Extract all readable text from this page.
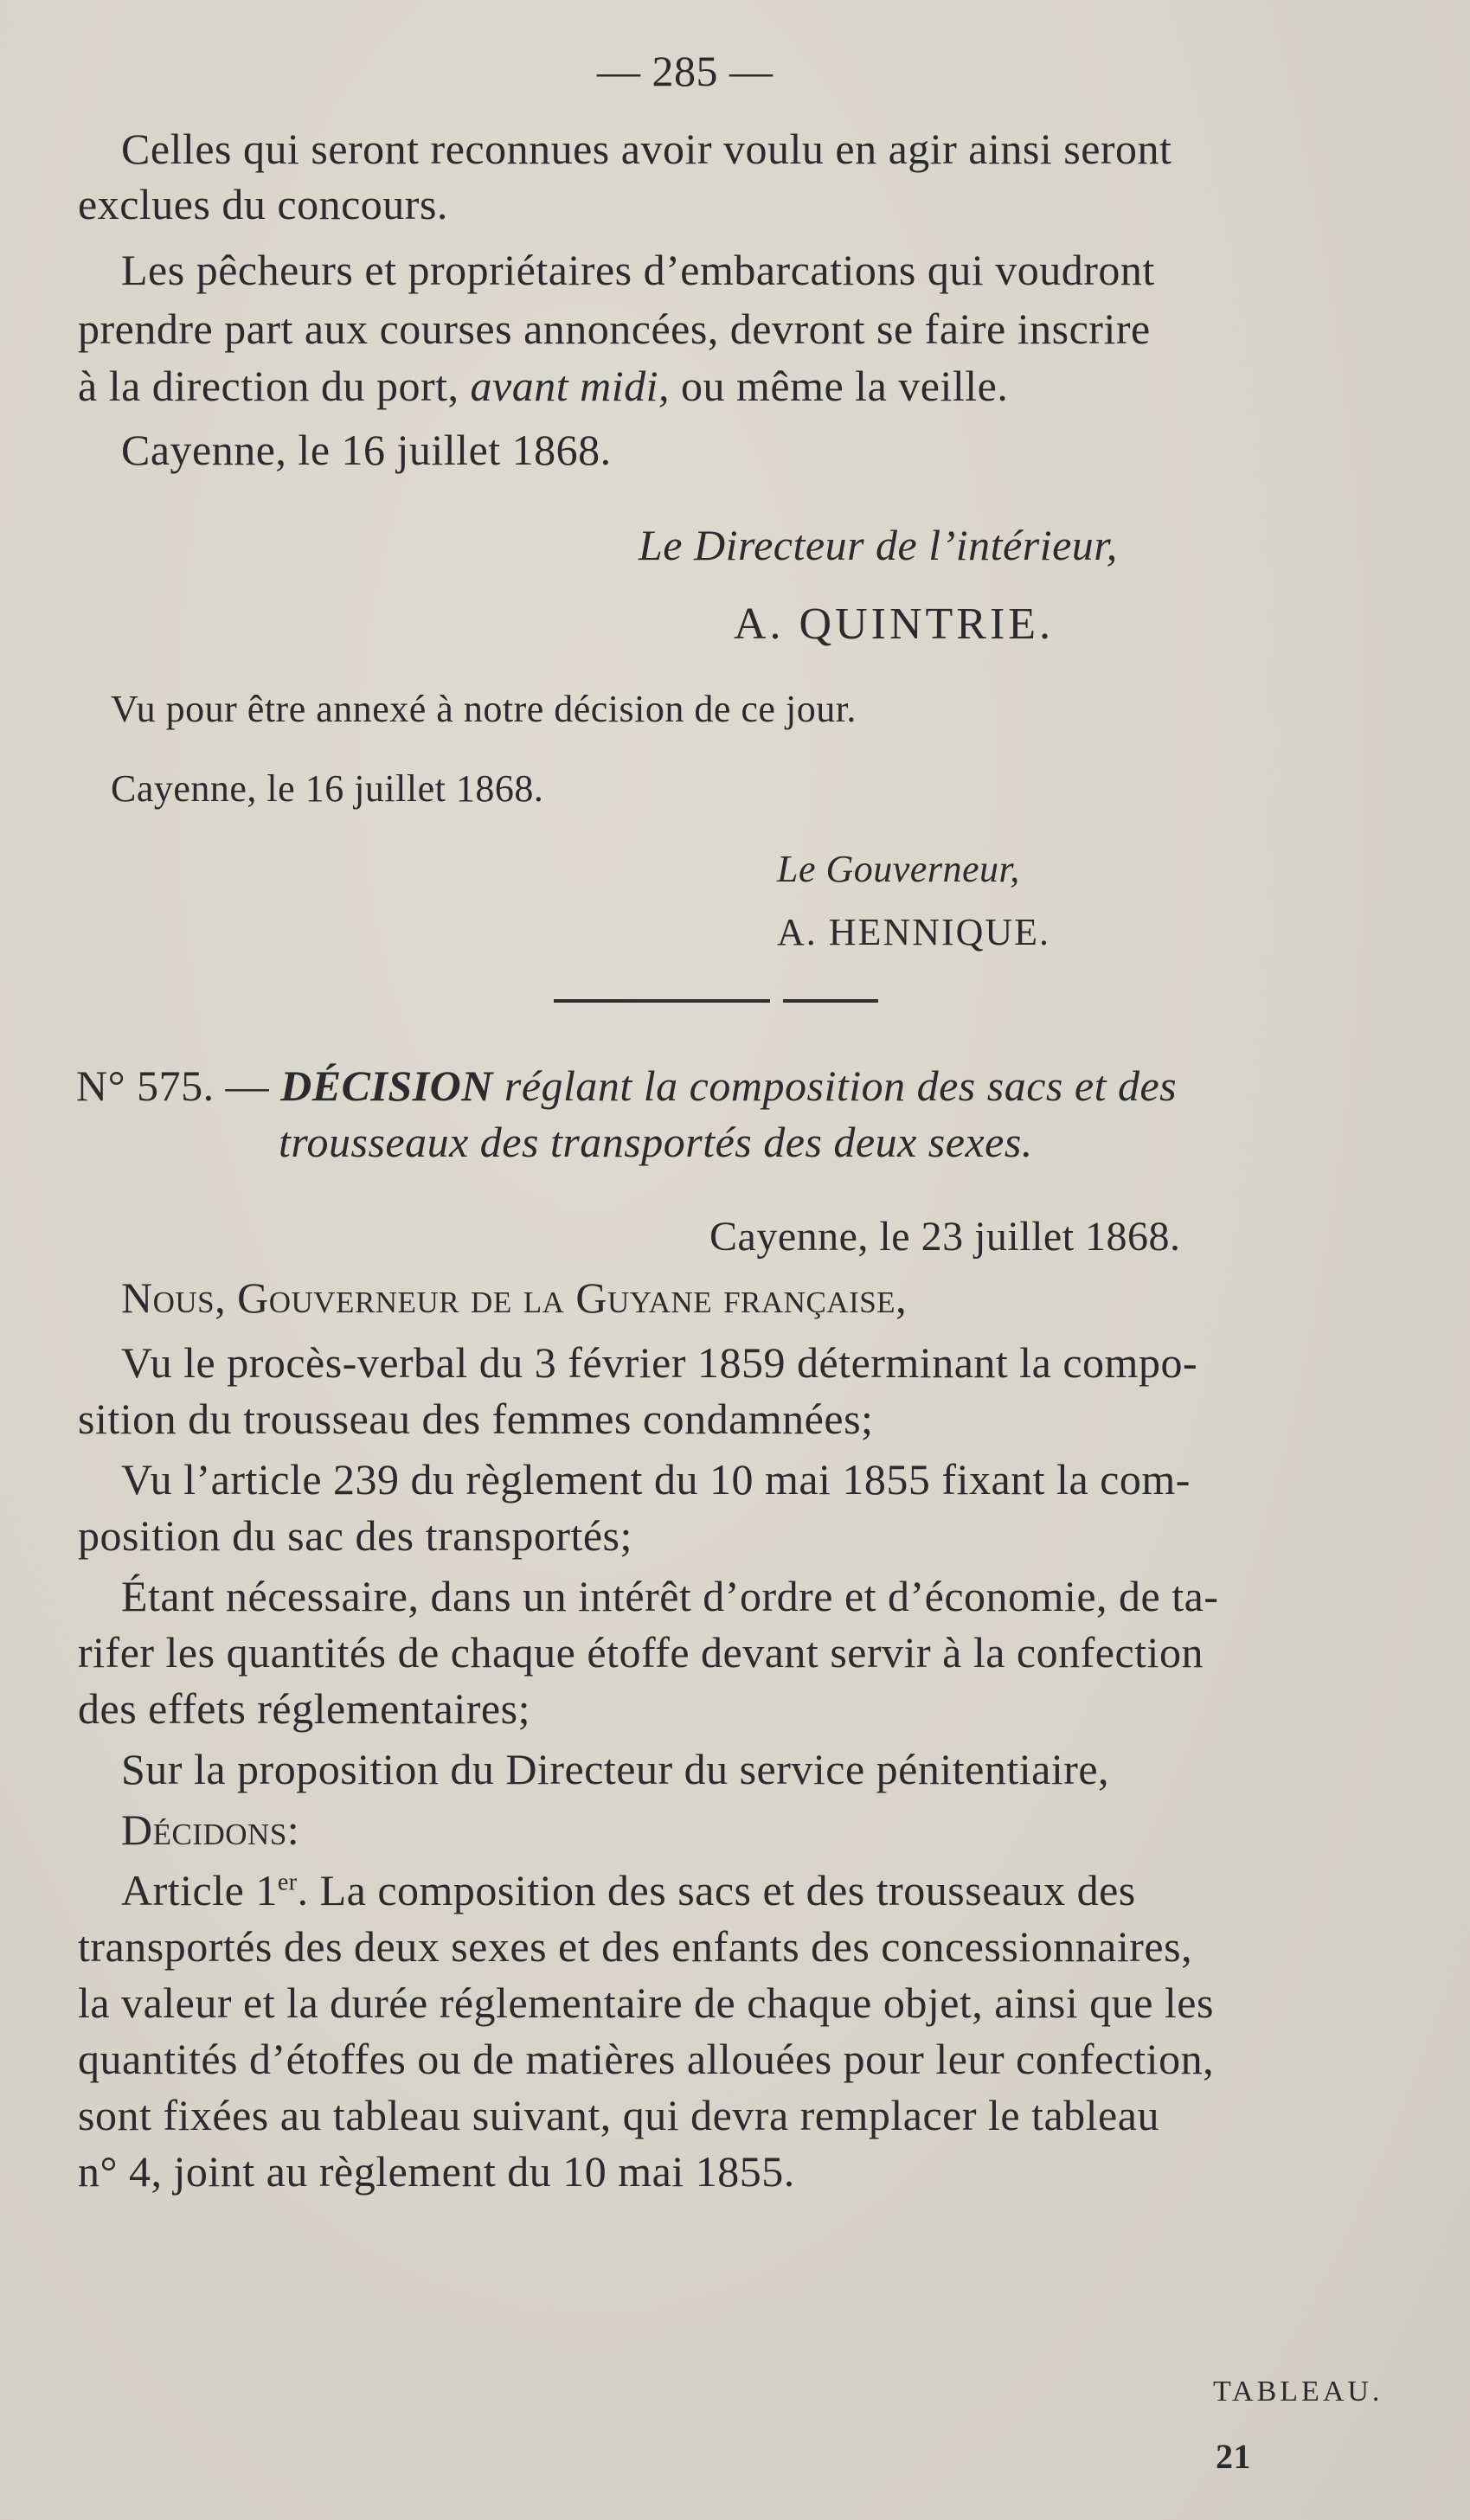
— 285 —
Celles qui seront reconnues avoir voulu en agir ainsi seront
exclues du concours.
Les pêcheurs et propriétaires d’embarcations qui voudront
prendre part aux courses annoncées, devront se faire inscrire
à la direction du port, avant midi, ou même la veille.
Cayenne, le 16 juillet 1868.
Le Directeur de l’intérieur,
A. QUINTRIE.
Vu pour être annexé à notre décision de ce jour.
Cayenne, le 16 juillet 1868.
Le Gouverneur,
A. HENNIQUE.
N° 575. — DÉCISION réglant la composition des sacs et des
trousseaux des transportés des deux sexes.
Cayenne, le 23 juillet 1868.
Nous, Gouverneur de la Guyane française,
Vu le procès-verbal du 3 février 1859 déterminant la compo-
sition du trousseau des femmes condamnées;
Vu l’article 239 du règlement du 10 mai 1855 fixant la com-
position du sac des transportés;
Étant nécessaire, dans un intérêt d’ordre et d’économie, de ta-
rifer les quantités de chaque étoffe devant servir à la confection
des effets réglementaires;
Sur la proposition du Directeur du service pénitentiaire,
Décidons:
Article 1er. La composition des sacs et des trousseaux des
transportés des deux sexes et des enfants des concessionnaires,
la valeur et la durée réglementaire de chaque objet, ainsi que les
quantités d’étoffes ou de matières allouées pour leur confection,
sont fixées au tableau suivant, qui devra remplacer le tableau
n° 4, joint au règlement du 10 mai 1855.
TABLEAU.
21
